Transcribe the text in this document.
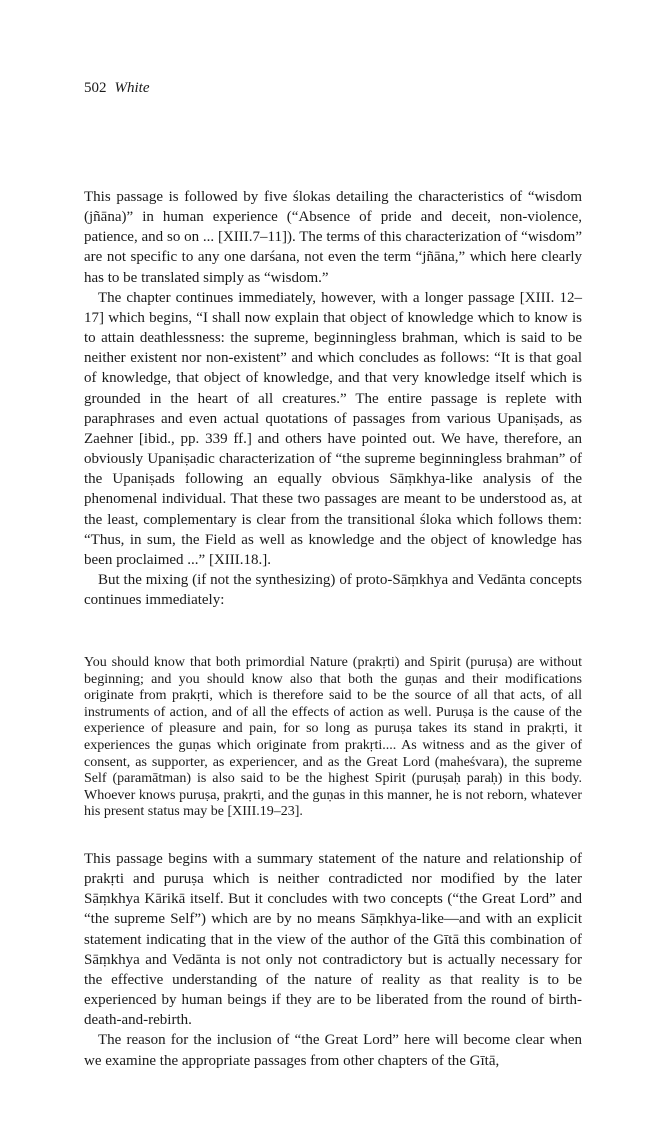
502 White

This passage is followed by five ślokas detailing the characteristics of “wisdom (jñāna)” in human experience (“Absence of pride and deceit, non-violence, patience, and so on ... [XIII.7–11]). The terms of this characterization of “wisdom” are not specific to any one darśana, not even the term “jñāna,” which here clearly has to be translated simply as “wisdom.”

The chapter continues immediately, however, with a longer passage [XIII. 12–17] which begins, “I shall now explain that object of knowledge which to know is to attain deathlessness: the supreme, beginningless brahman, which is said to be neither existent nor non-existent” and which concludes as follows: “It is that goal of knowledge, that object of knowledge, and that very knowledge itself which is grounded in the heart of all creatures.” The entire passage is replete with paraphrases and even actual quotations of passages from various Upaniṣads, as Zaehner [ibid., pp. 339 ff.] and others have pointed out. We have, therefore, an obviously Upaniṣadic characterization of “the supreme beginningless brahman” of the Upaniṣads following an equally obvious Sāṃkhya-like analysis of the phenomenal individual. That these two passages are meant to be understood as, at the least, complementary is clear from the transitional śloka which follows them: “Thus, in sum, the Field as well as knowledge and the object of knowledge has been proclaimed ...” [XIII.18.].

But the mixing (if not the synthesizing) of proto-Sāṃkhya and Vedānta concepts continues immediately:

You should know that both primordial Nature (prakṛti) and Spirit (puruṣa) are without beginning; and you should know also that both the guṇas and their modifications originate from prakṛti, which is therefore said to be the source of all that acts, of all instruments of action, and of all the effects of action as well. Puruṣa is the cause of the experience of pleasure and pain, for so long as puruṣa takes its stand in prakṛti, it experiences the guṇas which originate from prakṛti.... As witness and as the giver of consent, as supporter, as experiencer, and as the Great Lord (maheśvara), the supreme Self (paramātman) is also said to be the highest Spirit (puruṣaḥ paraḥ) in this body. Whoever knows puruṣa, prakṛti, and the guṇas in this manner, he is not reborn, whatever his present status may be [XIII.19–23].

This passage begins with a summary statement of the nature and relationship of prakṛti and puruṣa which is neither contradicted nor modified by the later Sāṃkhya Kārikā itself. But it concludes with two concepts (“the Great Lord” and “the supreme Self”) which are by no means Sāṃkhya-like—and with an explicit statement indicating that in the view of the author of the Gītā this combination of Sāṃkhya and Vedānta is not only not contradictory but is actually necessary for the effective understanding of the nature of reality as that reality is to be experienced by human beings if they are to be liberated from the round of birth-death-and-rebirth.

The reason for the inclusion of “the Great Lord” here will become clear when we examine the appropriate passages from other chapters of the Gītā,
